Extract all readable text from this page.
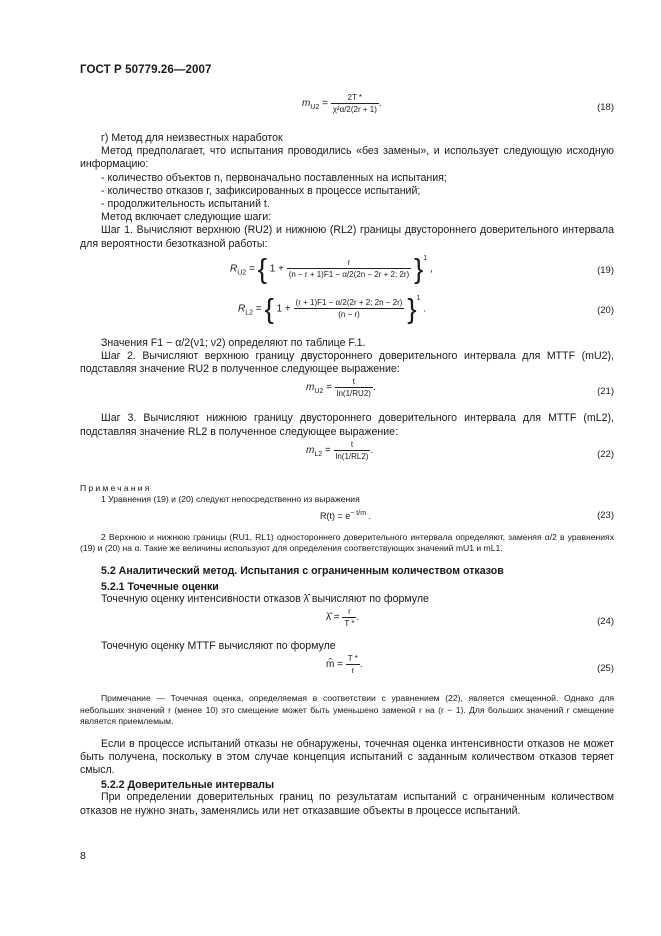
ГОСТ Р 50779.26—2007
$m_{U2} = \frac{2T *}{\text{χ²α/2(2r + 1)}}$ .	(18)

г) Метод для неизвестных наработок

Метод предполагает, что испытания проводились «без замены», и использует следующую исходную информацию:

- количество объектов n, первоначально поставленных на испытания;

- количество отказов r, зафиксированных в процессе испытаний;

- продолжительность испытаний t.

Метод включает следующие шаги:

Шаг 1. Вычисляют верхнюю (RU2) и нижнюю (RL2) границы двустороннего доверительного интервала для вероятности безотказной работы:

$R_{U2}$ = { $1 + \frac{r}{(n - r + 1)F1 - \alpha/2(2n - 2r + 2; 2r)} \}^1$ ,	(19)
$R_{L2}$ = { $1 + \frac{(r + 1)F1 - \alpha/2(2r + 2; 2n - 2r)}{(n - r)} \}^1$ .	(20)

Значения F1 − α/2(ν1; ν2) определяют по таблице F.1.

Шаг 2. Вычисляют верхнюю границу двустороннего доверительного интервала для MTTF (mU2), подставляя значение RU2 в полученное следующее выражение:

$m_{U2} = \frac{t}{\ln(1/RU2)}$ .	(21)

Шаг 3. Вычисляют нижнюю границу двустороннего доверительного интервала для MTTF (mL2), подставляя значение RL2 в полученное следующее выражение:

$m_{L2} = \frac{t}{\ln(1/RL2)}$ .	(22)

Примечания

1 Уравнения (19) и (20) следуют непосредственно из выражения

$R(t) = e^{- t/m}$ .	(23)

2 Верхнюю и нижнюю границы (RU1, RL1) одностороннего доверительного интервала определяют, заменяя α/2 в уравнениях (19) и (20) на α. Такие же величины используют для определения соответствующих значений mU1 и mL1.

5.2 Аналитический метод. Испытания с ограниченным количеством отказов

5.2.1 Точечные оценки

Точечную оценку интенсивности отказов λ̂ вычисляют по формуле

λ̂ = $\frac{r}{T *}$ .	(24)

Точечную оценку MTTF вычисляют по формуле

m̂ = $\frac{T *}{r}$ .	(25)

Примечание — Точечная оценка, определяемая в соответствии с уравнением (22), является смещенной. Однако для небольших значений r (менее 10) это смещение может быть уменьшено заменой r на (r − 1). Для больших значений r смещение является приемлемым.

Если в процессе испытаний отказы не обнаружены, точечная оценка интенсивности отказов не может быть получена, поскольку в этом случае концепция испытаний с заданным количеством отказов теряет смысл.

5.2.2 Доверительные интервалы

При определении доверительных границ по результатам испытаний с ограниченным количеством отказов не нужно знать, заменялись или нет отказавшие объекты в процессе испытаний.

8
